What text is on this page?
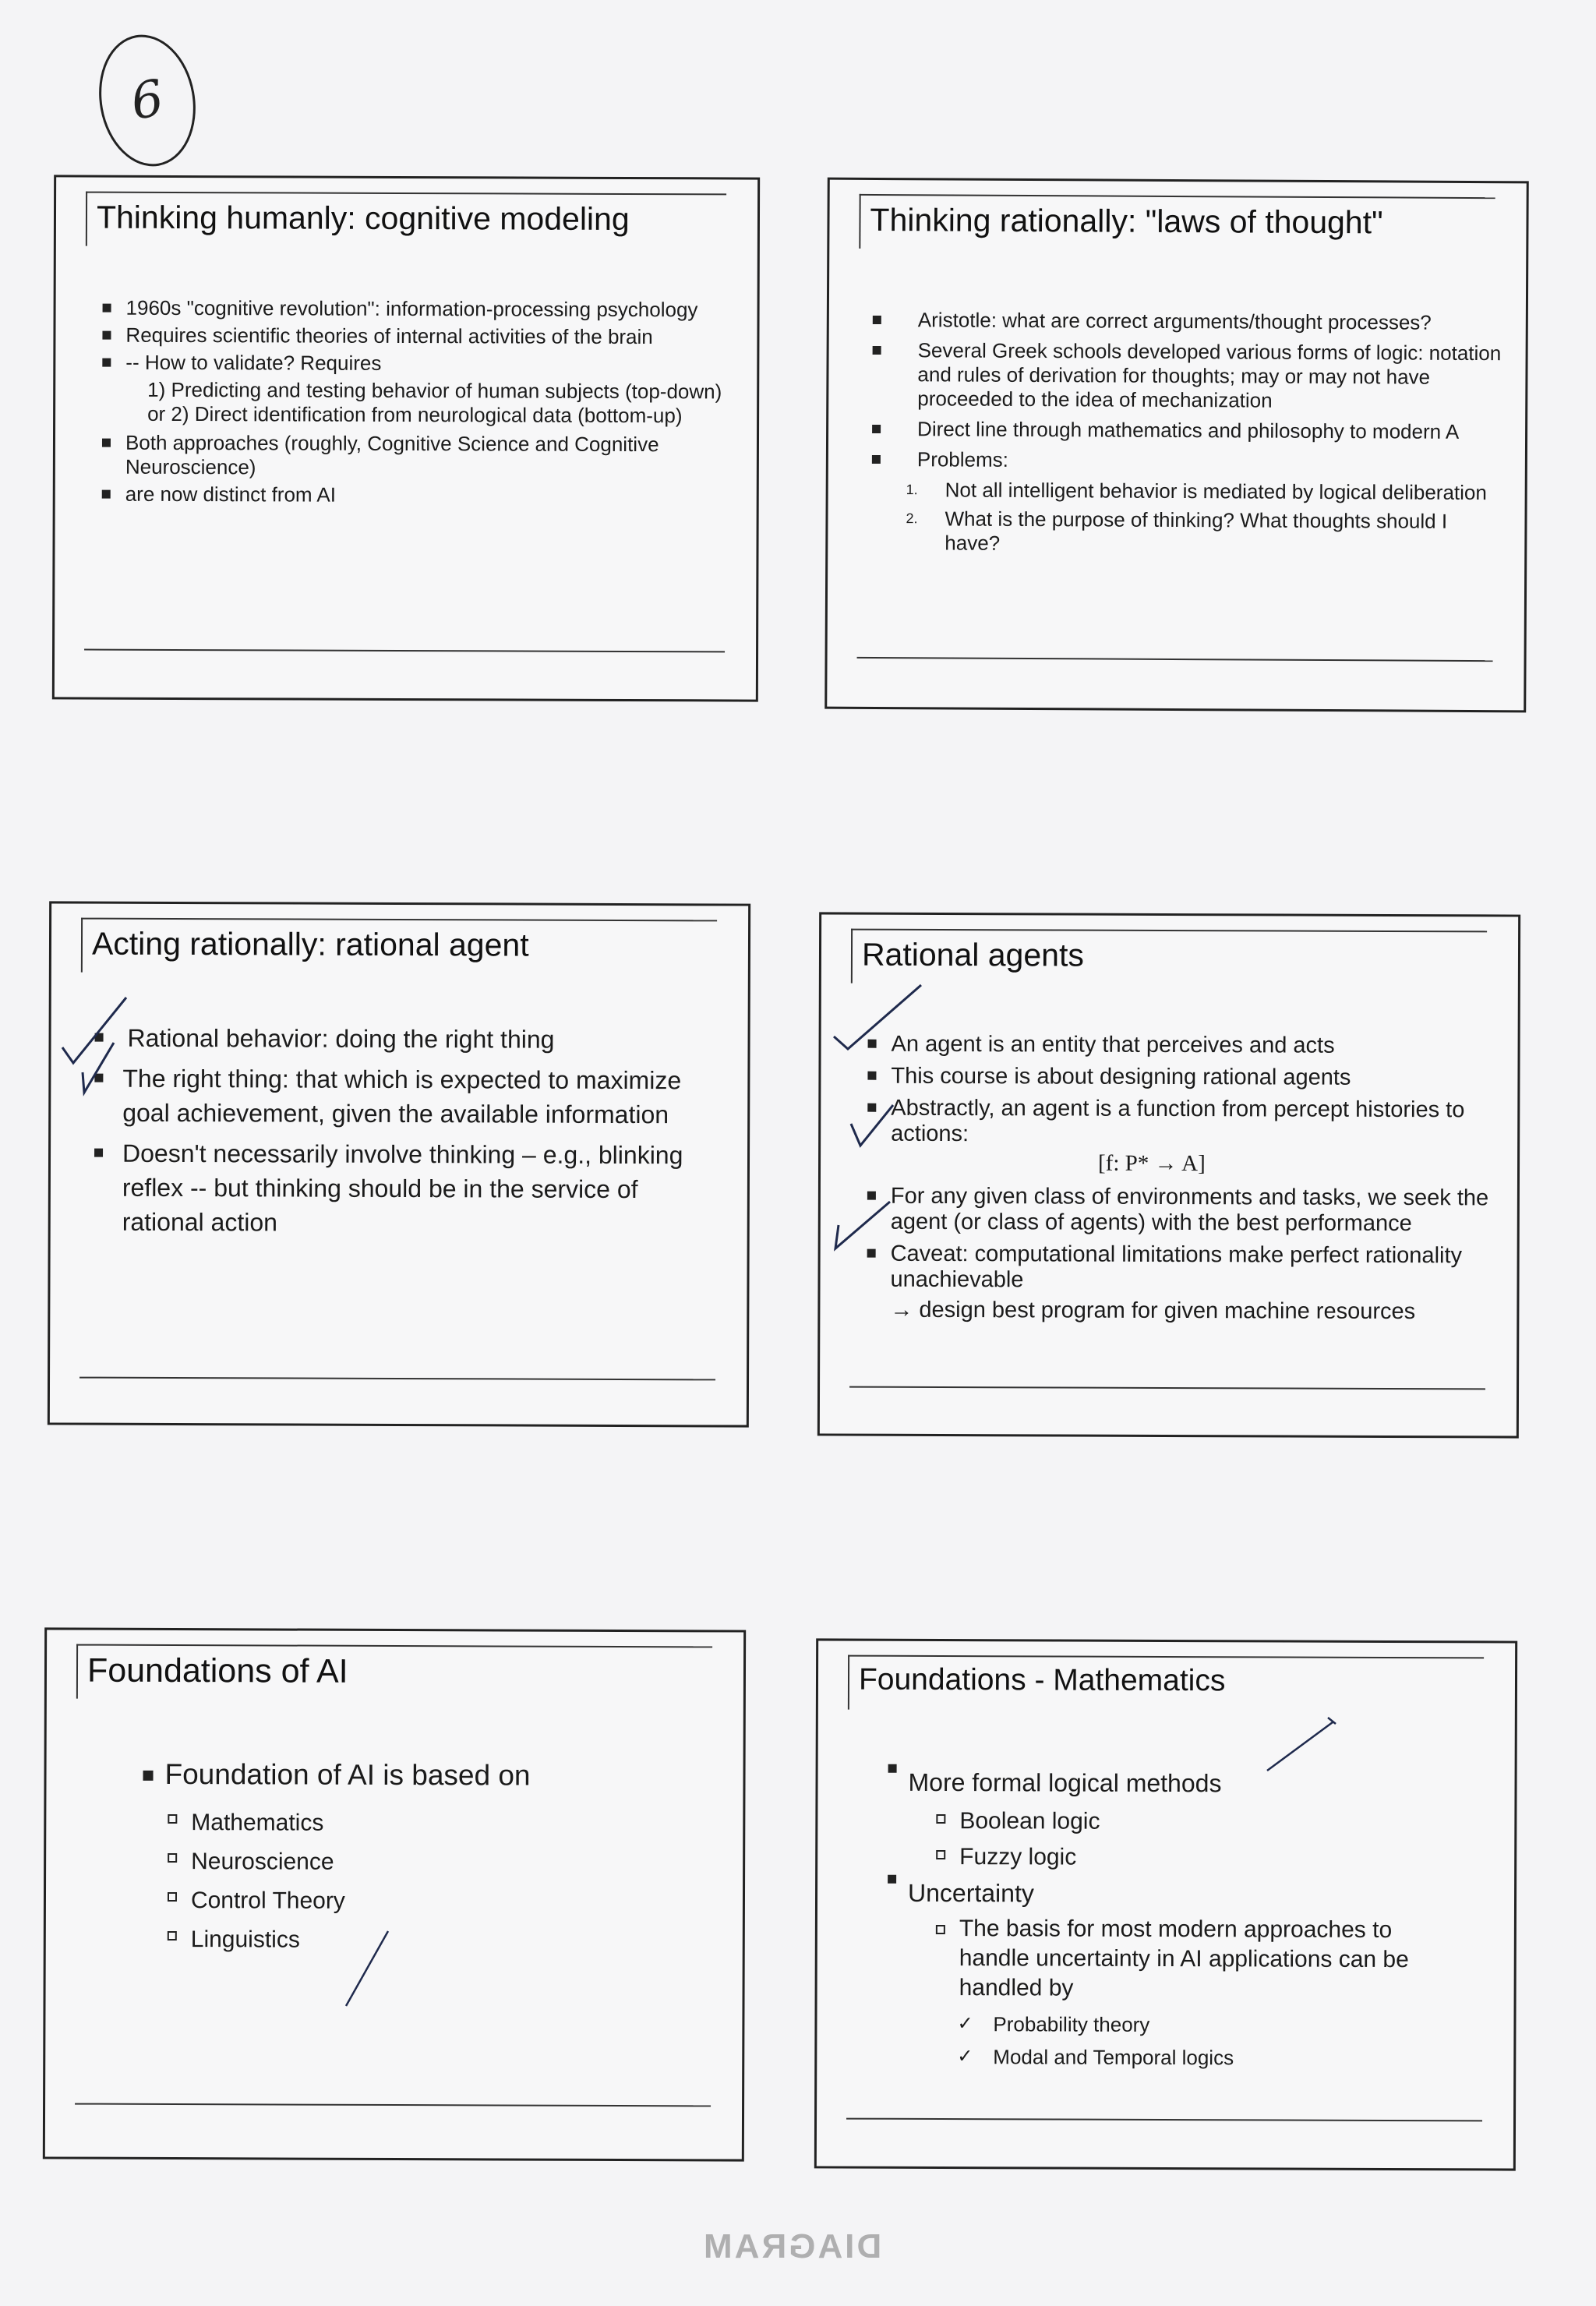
6
Thinking humanly: cognitive modeling
1960s "cognitive revolution": information-processing psychology
Requires scientific theories of internal activities of the brain
-- How to validate? Requires
1) Predicting and testing behavior of human subjects (top-down)
or 2) Direct identification from neurological data (bottom-up)
Both approaches (roughly, Cognitive Science and Cognitive Neuroscience)
are now distinct from AI
Thinking rationally: "laws of thought"
Aristotle: what are correct arguments/thought processes?
Several Greek schools developed various forms of logic: notation and rules of derivation for thoughts; may or may not have proceeded to the idea of mechanization
Direct line through mathematics and philosophy to modern A
Problems:
1. Not all intelligent behavior is mediated by logical deliberation
2. What is the purpose of thinking? What thoughts should I have?
Acting rationally: rational agent
Rational behavior: doing the right thing
The right thing: that which is expected to maximize goal achievement, given the available information
Doesn't necessarily involve thinking – e.g., blinking reflex -- but thinking should be in the service of rational action
Rational agents
An agent is an entity that perceives and acts
This course is about designing rational agents
Abstractly, an agent is a function from percept histories to actions:
[f: P* → A]
For any given class of environments and tasks, we seek the agent (or class of agents) with the best performance
Caveat: computational limitations make perfect rationality unachievable
→ design best program for given machine resources
Foundations of AI
Foundation of AI is based on
Mathematics
Neuroscience
Control Theory
Linguistics
Foundations - Mathematics
More formal logical methods
Boolean logic
Fuzzy logic
Uncertainty
The basis for most modern approaches to handle uncertainty in AI applications can be handled by
✓ Probability theory
✓ Modal and Temporal logics
DIAGRAM
